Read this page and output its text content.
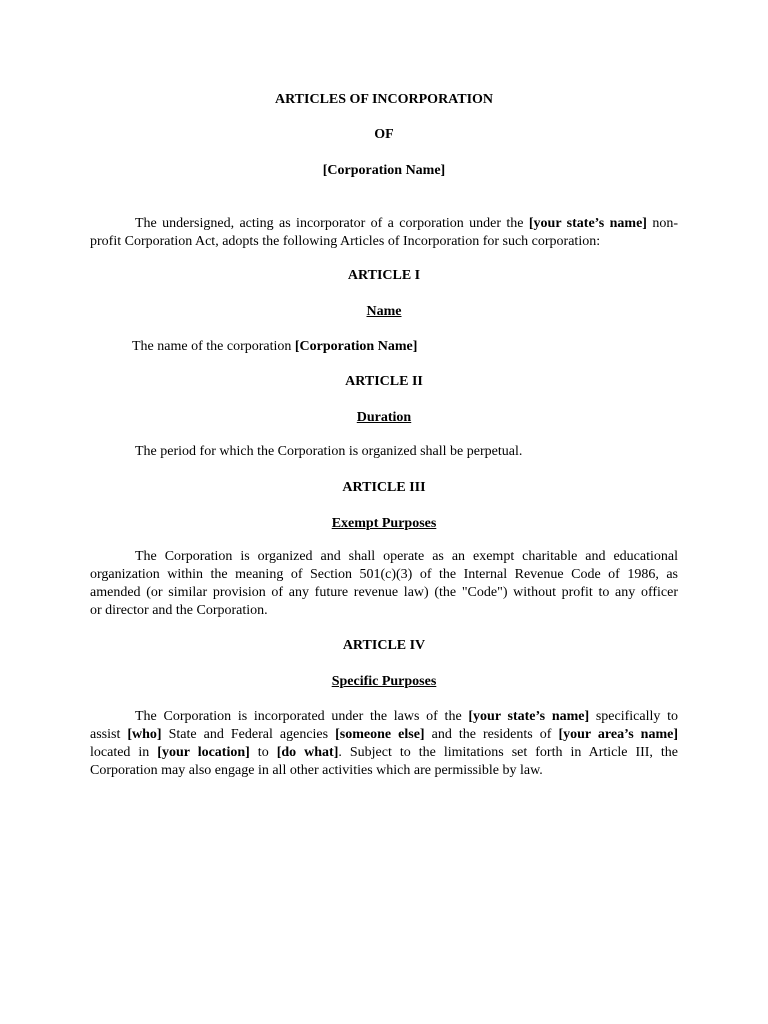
ARTICLES OF INCORPORATION

OF

[Corporation Name]

The undersigned, acting as incorporator of a corporation under the [your state’s name] non-
profit Corporation Act, adopts the following Articles of Incorporation for such corporation:

ARTICLE I

Name

The name of the corporation [Corporation Name]

ARTICLE II

Duration

The period for which the Corporation is organized shall be perpetual.

ARTICLE III

Exempt Purposes

The Corporation is organized and shall operate as an exempt charitable and educational
organization within the meaning of Section 501(c)(3) of the Internal Revenue Code of 1986, as
amended (or similar provision of any future revenue law) (the "Code") without profit to any officer
or director and the Corporation.

ARTICLE IV

Specific Purposes

The Corporation is incorporated under the laws of the [your state’s name] specifically to
assist [who] State and Federal agencies [someone else] and the residents of [your area’s name]
located in [your location] to [do what]. Subject to the limitations set forth in Article III, the
Corporation may also engage in all other activities which are permissible by law.
